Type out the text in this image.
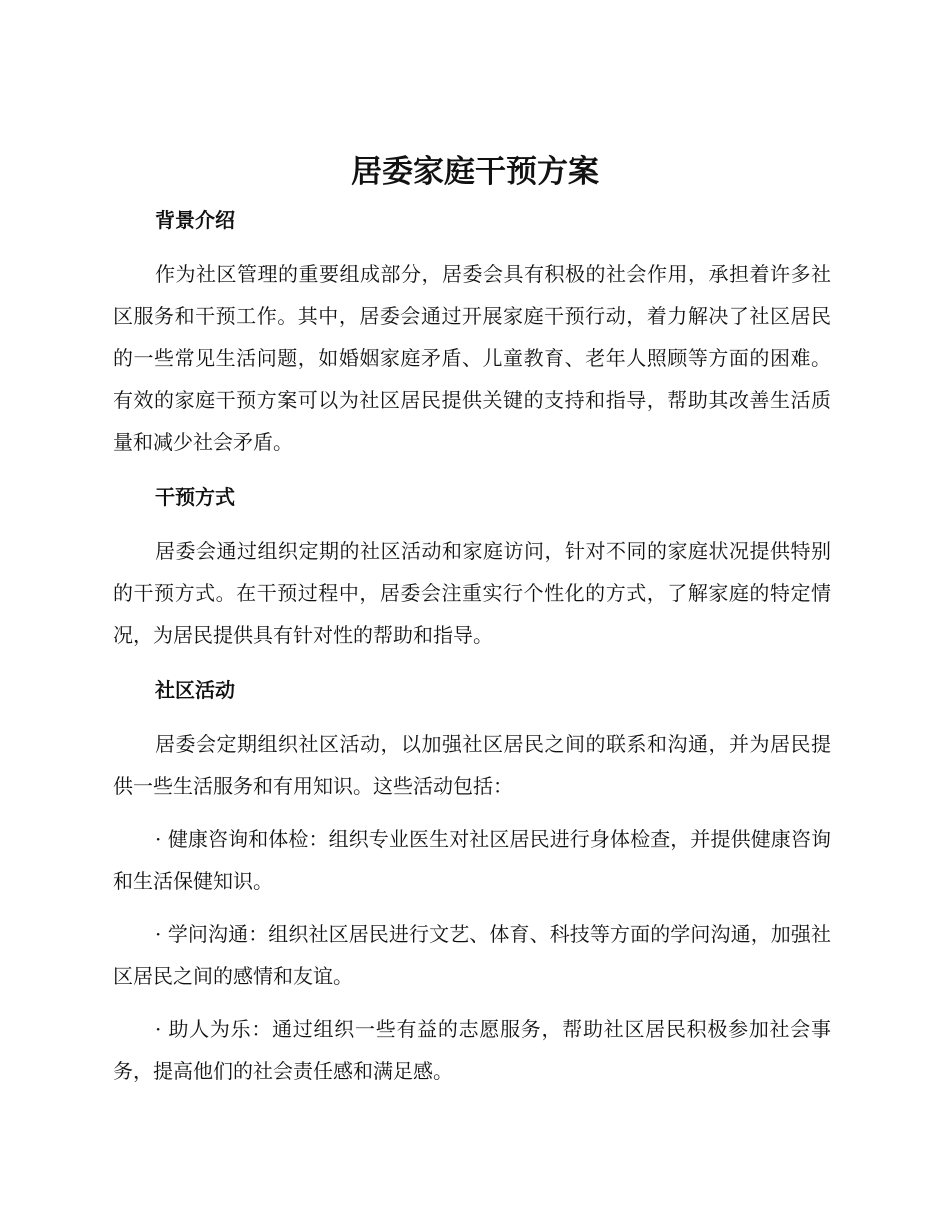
居委家庭干预方案
背景介绍

作为社区管理的重要组成部分，居委会具有积极的社会作用，承担着许多社区服务和干预工作。其中，居委会通过开展家庭干预行动，着力解决了社区居民的一些常见生活问题，如婚姻家庭矛盾、儿童教育、老年人照顾等方面的困难。有效的家庭干预方案可以为社区居民提供关键的支持和指导，帮助其改善生活质量和减少社会矛盾。

干预方式

居委会通过组织定期的社区活动和家庭访问，针对不同的家庭状况提供特别的干预方式。在干预过程中，居委会注重实行个性化的方式，了解家庭的特定情况，为居民提供具有针对性的帮助和指导。

社区活动

居委会定期组织社区活动，以加强社区居民之间的联系和沟通，并为居民提供一些生活服务和有用知识。这些活动包括：

· 健康咨询和体检：组织专业医生对社区居民进行身体检查，并提供健康咨询和生活保健知识。

· 学问沟通：组织社区居民进行文艺、体育、科技等方面的学问沟通，加强社区居民之间的感情和友谊。

· 助人为乐：通过组织一些有益的志愿服务，帮助社区居民积极参加社会事务，提高他们的社会责任感和满足感。
